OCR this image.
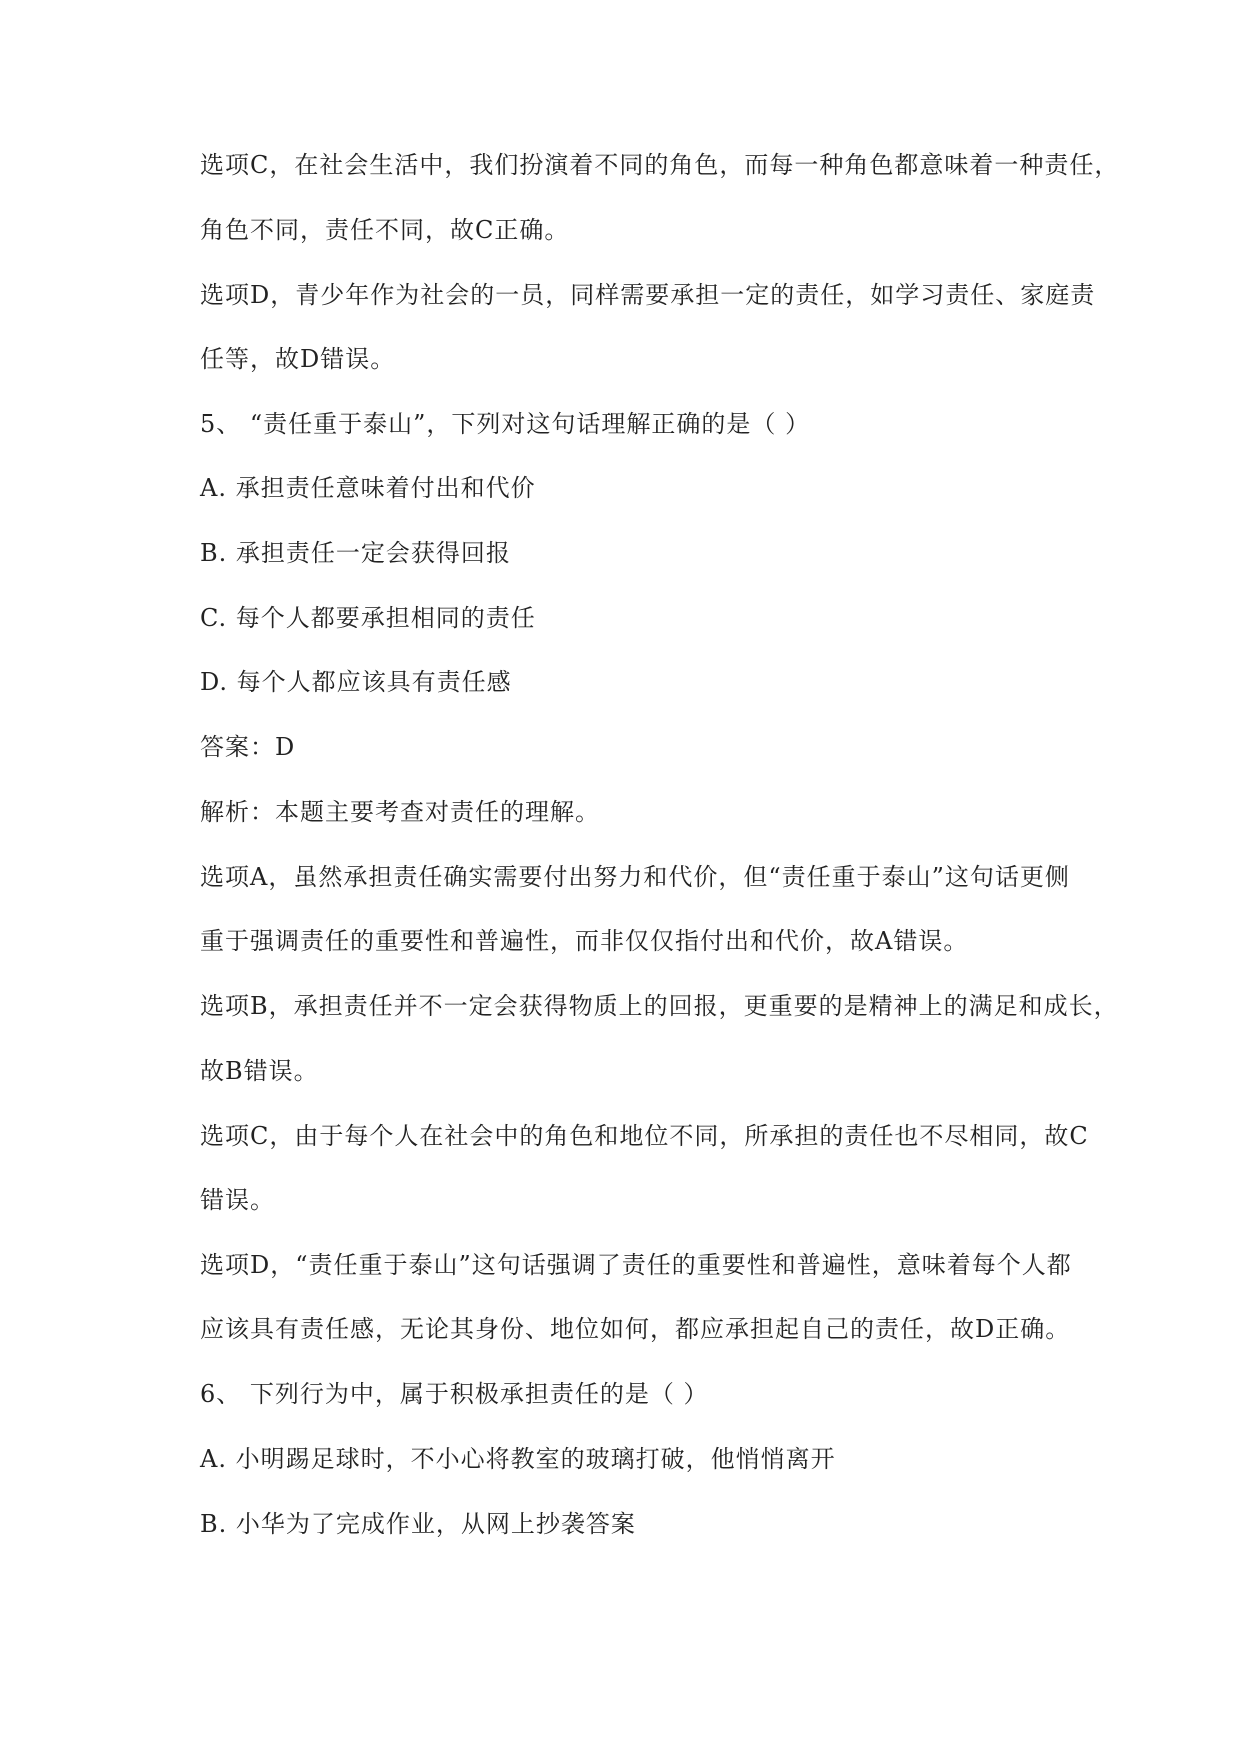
选项C，在社会生活中，我们扮演着不同的角色，而每一种角色都意味着一种责任，
角色不同，责任不同，故C正确。
选项D，青少年作为社会的一员，同样需要承担一定的责任，如学习责任、家庭责
任等，故D错误。
5、 “责任重于泰山”，下列对这句话理解正确的是（ ）
A. 承担责任意味着付出和代价
B. 承担责任一定会获得回报
C. 每个人都要承担相同的责任
D. 每个人都应该具有责任感
答案：D
解析：本题主要考查对责任的理解。
选项A，虽然承担责任确实需要付出努力和代价，但“责任重于泰山”这句话更侧
重于强调责任的重要性和普遍性，而非仅仅指付出和代价，故A错误。
选项B，承担责任并不一定会获得物质上的回报，更重要的是精神上的满足和成长，
故B错误。
选项C，由于每个人在社会中的角色和地位不同，所承担的责任也不尽相同，故C
错误。
选项D，“责任重于泰山”这句话强调了责任的重要性和普遍性，意味着每个人都
应该具有责任感，无论其身份、地位如何，都应承担起自己的责任，故D正确。
6、 下列行为中，属于积极承担责任的是（ ）
A. 小明踢足球时，不小心将教室的玻璃打破，他悄悄离开
B. 小华为了完成作业，从网上抄袭答案
